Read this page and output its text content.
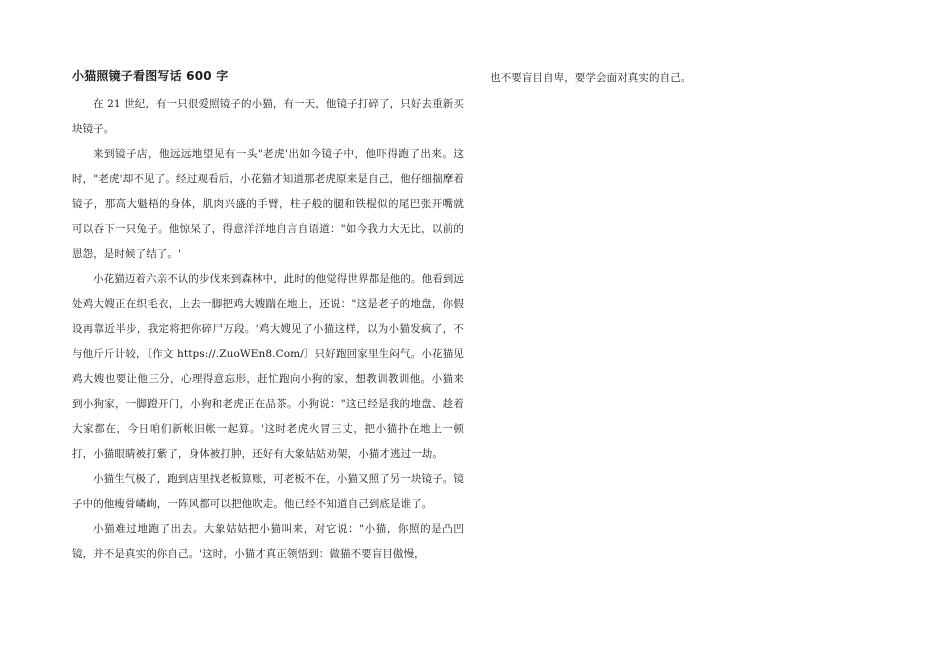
小猫照镜子看图写话 600 字

在 21 世纪，有一只很爱照镜子的小猫，有一天，他镜子打碎了，只好去重新买块镜子。

来到镜子店，他远远地望见有一头"老虎'出如今镜子中，他吓得跑了出来。这时，"老虎'却不见了。经过观看后，小花猫才知道那老虎原来是自己，他仔细揣摩着镜子，那高大魁梧的身体，肌肉兴盛的手臂，柱子般的腿和铁棍似的尾巴张开嘴就可以吞下一只兔子。他惊呆了，得意洋洋地自言自语道："如今我力大无比，以前的恩怨，是时候了结了。'

小花猫迈着六亲不认的步伐来到森林中，此时的他觉得世界都是他的。他看到远处鸡大嫂正在织毛衣，上去一脚把鸡大嫂踹在地上，还说："这是老子的地盘，你假设再靠近半步，我定将把你碎尸万段。'鸡大嫂见了小猫这样，以为小猫发疯了，不与他斤斤计较，〔作文 https://.ZuoWEn8.Com/〕只好跑回家里生闷气。小花猫见鸡大嫂也要让他三分，心理得意忘形，赶忙跑向小狗的家，想教训教训他。小猫来到小狗家，一脚蹬开门，小狗和老虎正在品茶。小狗说："这已经是我的地盘、趁着大家都在，今日咱们新帐旧帐一起算。'这时老虎火冒三丈，把小猫扑在地上一顿打，小猫眼睛被打紫了，身体被打肿，还好有大象姑姑劝架，小猫才逃过一劫。

小猫生气极了，跑到店里找老板算账，可老板不在，小猫又照了另一块镜子。镜子中的他瘦骨嶙峋，一阵风都可以把他吹走。他已经不知道自己到底是谁了。

小猫难过地跑了出去。大象姑姑把小猫叫来，对它说："小猫，你照的是凸凹镜，并不是真实的你自己。'这时，小猫才真正领悟到：做猫不要盲目傲慢，

也不要盲目自卑，要学会面对真实的自己。
